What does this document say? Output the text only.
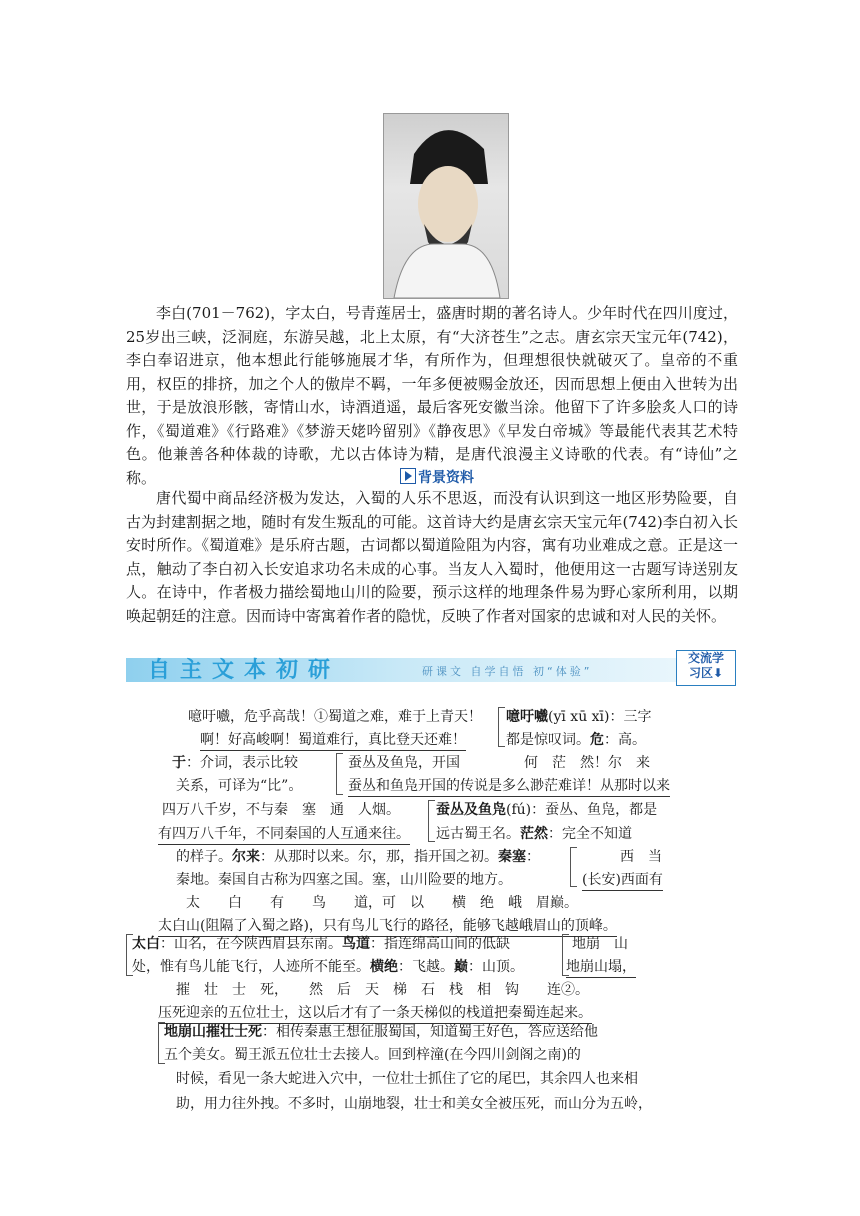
李白(701－762)，字太白，号青莲居士，盛唐时期的著名诗人。少年时代在四川度过，25岁出三峡，泛洞庭，东游吴越，北上太原，有“大济苍生”之志。唐玄宗天宝元年(742)，李白奉诏进京，他本想此行能够施展才华，有所作为，但理想很快就破灭了。皇帝的不重用，权臣的排挤，加之个人的傲岸不羁，一年多便被赐金放还，因而思想上便由入世转为出世，于是放浪形骸，寄情山水，诗酒逍遥，最后客死安徽当涂。他留下了许多脍炙人口的诗作，《蜀道难》《行路难》《梦游天姥吟留别》《静夜思》《早发白帝城》等最能代表其艺术特色。他兼善各种体裁的诗歌，尤以古体诗为精，是唐代浪漫主义诗歌的代表。有“诗仙”之称。	背景资料

唐代蜀中商品经济极为发达，入蜀的人乐不思返，而没有认识到这一地区形势险要，自古为封建割据之地，随时有发生叛乱的可能。这首诗大约是唐玄宗天宝元年(742)李白初入长安时所作。《蜀道难》是乐府古题，古词都以蜀道险阻为内容，寓有功业难成之意。正是这一点，触动了李白初入长安追求功名未成的心事。当友人入蜀时，他便用这一古题写诗送别友人。在诗中，作者极力描绘蜀地山川的险要，预示这样的地理条件易为野心家所利用，以期唤起朝廷的注意。因而诗中寄寓着作者的隐忧，反映了作者对国家的忠诚和对人民的关怀。

自主文本初研	研课文 自学自悟 初“体验”
交流学
习区⬇
噫吁嚱，危乎高哉！①蜀道之难，难于上青天！ 噫吁嚱(yī xū xī)：三字
啊！好高峻啊！蜀道难行，真比登天还难！	都是惊叹词。危：高。
于：介词，表示比较	蚕丛及鱼凫，开国	何　茫　然！尔　来
关系，可译为“比”。	蚕丛和鱼凫开国的传说是多么渺茫难详！从那时以来
四万八千岁，不与秦　塞　通　人烟。	蚕丛及鱼凫(fú)：蚕丛、鱼凫，都是
有四万八千年，不同秦国的人互通来往。 远古蜀王名。茫然：完全不知道
的样子。尔来：从那时以来。尔，那，指开国之初。秦塞：	西　当
秦地。秦国自古称为四塞之国。塞，山川险要的地方。	(长安)西面有
太　　白　　有　　鸟　　道，可　以　　横　绝　峨　眉巅。
太白山(阻隔了入蜀之路)，只有鸟儿飞行的路径，能够飞越峨眉山的顶峰。
太白：山名，在今陕西眉县东南。鸟道：指连绵高山间的低缺	地崩　山
处，惟有鸟儿能飞行，人迹所不能至。横绝：飞越。巅：山顶。	地崩山塌，
摧　壮　士　死，　　然　后　天　梯　石　栈　相　钩　　连②。
压死迎亲的五位壮士，这以后才有了一条天梯似的栈道把秦蜀连起来。
地崩山摧壮士死：相传秦惠王想征服蜀国，知道蜀王好色，答应送给他
五个美女。蜀王派五位壮士去接人。回到梓潼(在今四川剑阁之南)的
时候，看见一条大蛇进入穴中，一位壮士抓住了它的尾巴，其余四人也来相
助，用力往外拽。不多时，山崩地裂，壮士和美女全被压死，而山分为五岭，
